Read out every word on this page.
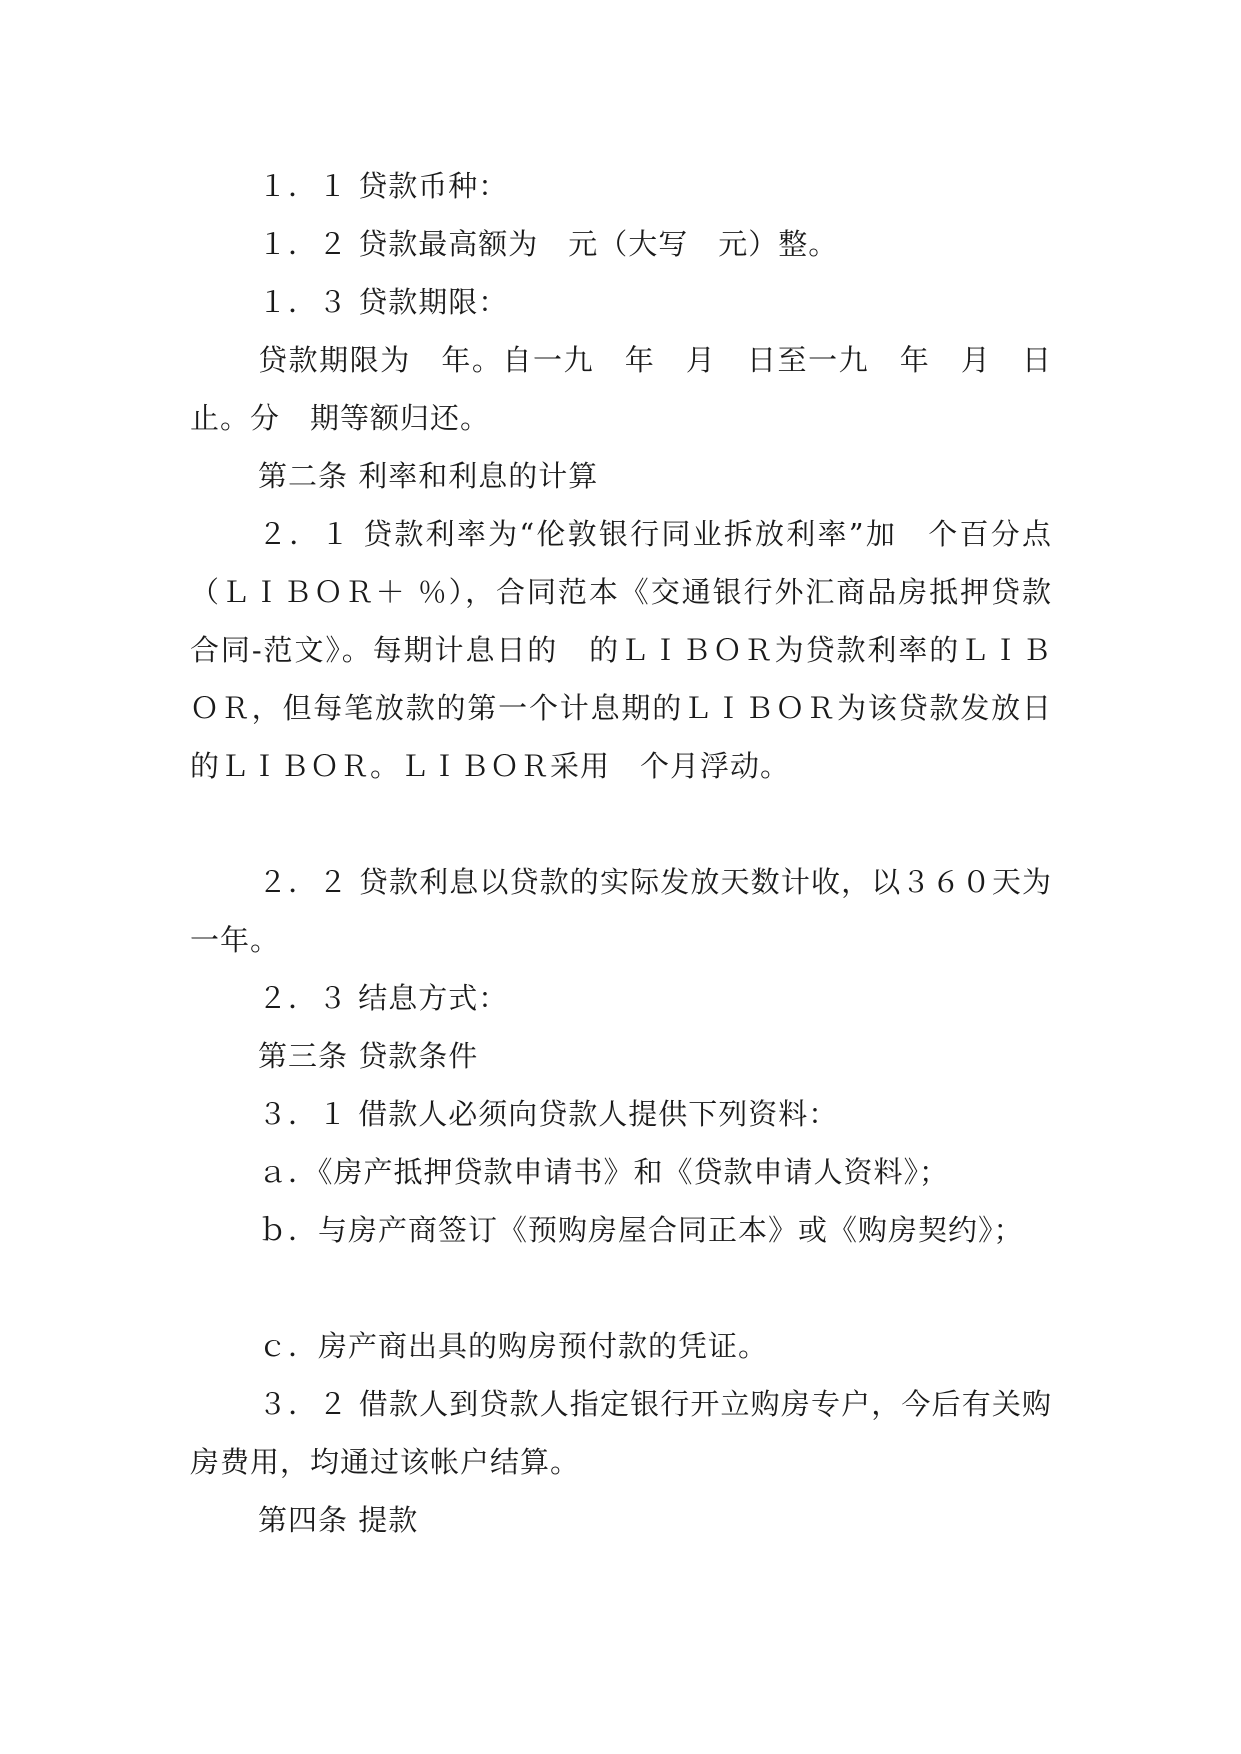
１．１ 贷款币种：

１．２ 贷款最高额为　元（大写　元）整。

１．３ 贷款期限：

贷款期限为　年。自一九　年　月　日至一九　年　月　日止。分　期等额归还。

第二条 利率和利息的计算

２．１ 贷款利率为“伦敦银行同业拆放利率”加　个百分点（ＬＩＢＯＲ＋ ％），合同范本《交通银行外汇商品房抵押贷款合同-范文》。每期计息日的　的ＬＩＢＯＲ为贷款利率的ＬＩＢＯＲ，但每笔放款的第一个计息期的ＬＩＢＯＲ为该贷款发放日的ＬＩＢＯＲ。ＬＩＢＯＲ采用　个月浮动。

２．２ 贷款利息以贷款的实际发放天数计收，以３６０天为一年。

２．３ 结息方式：

第三条 贷款条件

３．１ 借款人必须向贷款人提供下列资料：

ａ．《房产抵押贷款申请书》和《贷款申请人资料》；

ｂ．与房产商签订《预购房屋合同正本》或《购房契约》；

ｃ．房产商出具的购房预付款的凭证。

３．２ 借款人到贷款人指定银行开立购房专户，今后有关购房费用，均通过该帐户结算。

第四条 提款
